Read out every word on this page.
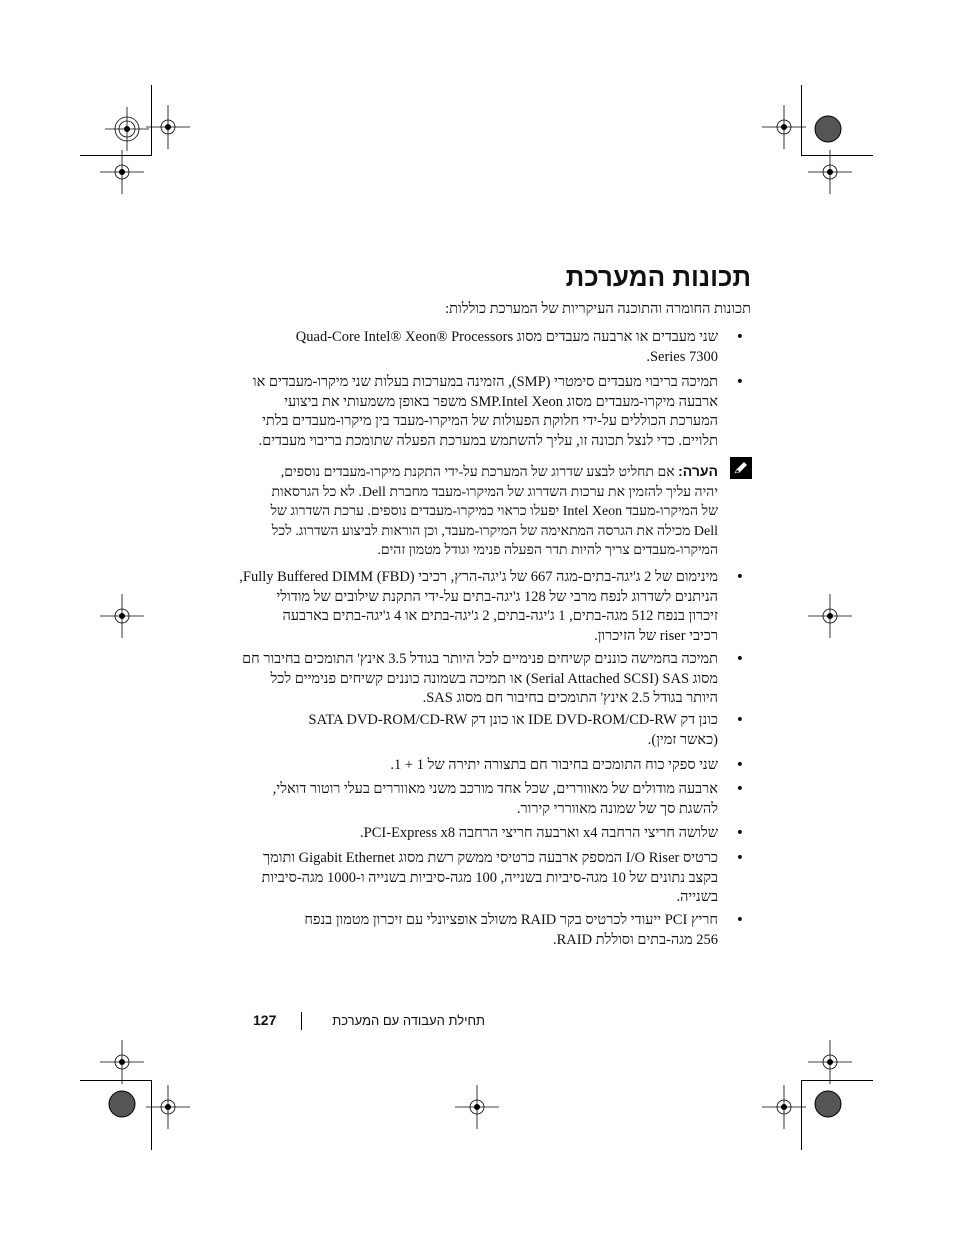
תכונות המערכת
תכונות החומרה והתוכנה העיקריות של המערכת כוללות:
•
שני מעבדים או ארבעה מעבדים מסוג Quad-Core Intel® Xeon® Processors
7300 Series.
•
תמיכה בריבוי מעבדים סימטרי (SMP), הזמינה במערכות בעלות שני מיקרו-מעבדים או
ארבעה מיקרו-מעבדים מסוג SMP.Intel Xeon משפר באופן משמעותי את ביצועי
המערכת הכוללים על-ידי חלוקת הפעולות של המיקרו-מעבד בין מיקרו-מעבדים בלתי
תלויים. כדי לנצל תכונה זו, עליך להשתמש במערכת הפעלה שתומכת בריבוי מעבדים.
הערה: אם תחליט לבצע שדרוג של המערכת על-ידי התקנת מיקרו-מעבדים נוספים,
יהיה עליך להזמין את ערכות השדרוג של המיקרו-מעבד מחברת Dell. לא כל הגרסאות
של המיקרו-מעבד Intel Xeon יפעלו כראוי כמיקרו-מעבדים נוספים. ערכת השדרוג של
Dell מכילה את הגרסה המתאימה של המיקרו-מעבד, וכן הוראות לביצוע השדרוג. לכל
המיקרו-מעבדים צריך להיות תדר הפעלה פנימי וגודל מטמון זהים.
•
מינימום של 2 ג'יגה-בתים-מגה 667 של ג'יגה-הרץ, רכיבי Fully Buffered DIMM (FBD),
הניתנים לשדרוג לנפח מרבי של 128 ג'יגה-בתים על-ידי התקנת שילובים של מודולי
זיכרון בנפח 512 מגה-בתים, 1 ג'יגה-בתים, 2 ג'יגה-בתים או 4 ג'יגה-בתים בארבעה
רכיבי riser של הזיכרון.
•
תמיכה בחמישה כוננים קשיחים פנימיים לכל היותר בגודל 3.5 אינץ' התומכים בחיבור חם
מסוג Serial Attached SCSI) SAS) או תמיכה בשמונה כוננים קשיחים פנימיים לכל
היותר בגודל 2.5 אינץ' התומכים בחיבור חם מסוג SAS.
•
כונן דק IDE DVD-ROM/CD-RW או כונן דק SATA DVD-ROM/CD-RW
(כאשר זמין).
•
שני ספקי כוח התומכים בחיבור חם בתצורה יתירה של 1 + 1.
•
ארבעה מודולים של מאווררים, שכל אחד מורכב משני מאווררים בעלי רוטור דואלי,
להשגת סך של שמונה מאווררי קירור.
•
שלושה חריצי הרחבה x4 וארבעה חריצי הרחבה PCI-Express x8.
•
כרטיס I/O Riser המספק ארבעה כרטיסי ממשק רשת מסוג Gigabit Ethernet ותומך
בקצב נתונים של 10 מגה-סיביות בשנייה, 100 מגה-סיביות בשנייה ו-1000 מגה-סיביות
בשנייה.
•
חריץ PCI ייעודי לכרטיס בקר RAID משולב אופציונלי עם זיכרון מטמון בנפח
256 מגה-בתים וסוללת RAID.
תחילת העבודה עם המערכת
127
